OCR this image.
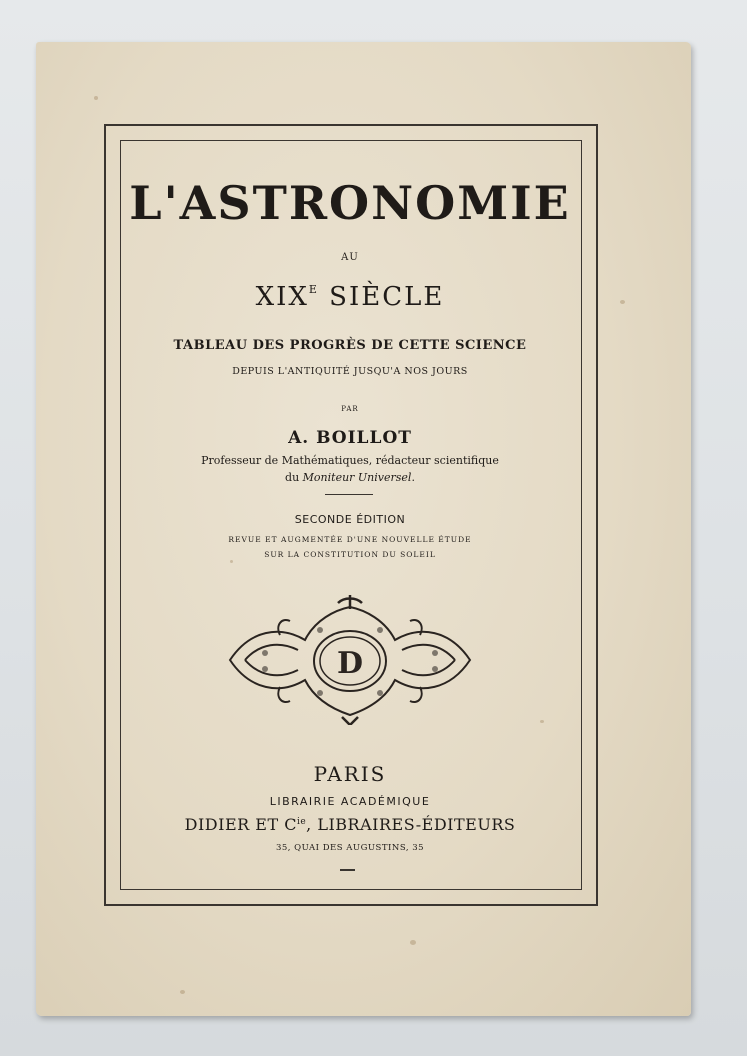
L'ASTRONOMIE
AU
$XIX^E$ SIÈCLE
TABLEAU DES PROGRÈS DE CETTE SCIENCE
DEPUIS L'ANTIQUITÉ JUSQU'A NOS JOURS
PAR
A. BOILLOT
Professeur de Mathématiques, rédacteur scientifique
du Moniteur Universel.
SECONDE ÉDITION
REVUE ET AUGMENTÉE D'UNE NOUVELLE ÉTUDE
SUR LA CONSTITUTION DU SOLEIL
D
PARIS
LIBRAIRIE ACADÉMIQUE
DIDIER ET $C^{ie}$, LIBRAIRES-ÉDITEURS
35, QUAI DES AUGUSTINS, 35
